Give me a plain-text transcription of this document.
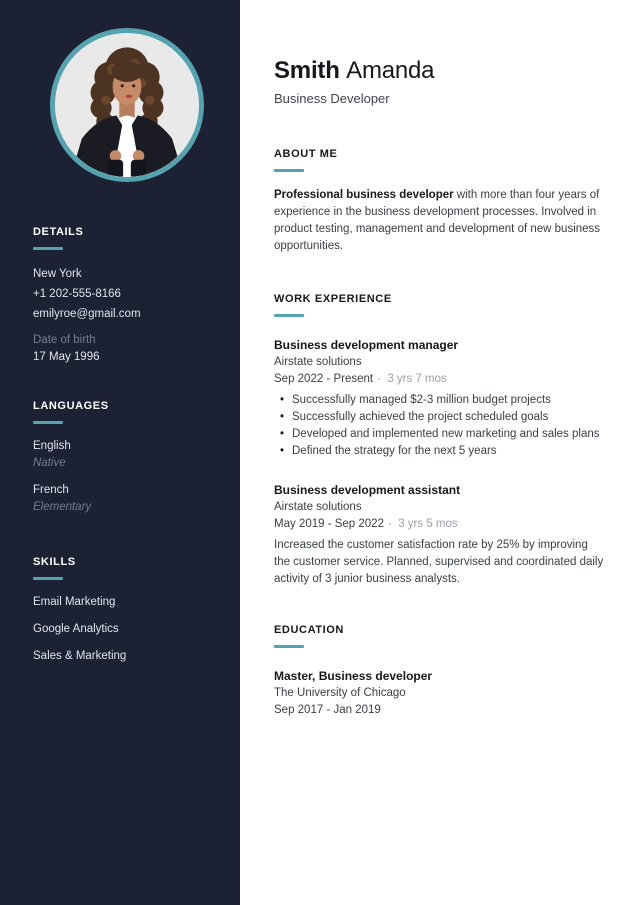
DETAILS
New York
+1 202-555-8166
emilyroe@gmail.com
Date of birth
17 May 1996
LANGUAGES
English
Native
French
Elementary
SKILLS
Email Marketing
Google Analytics
Sales & Marketing
Smith Amanda
Business Developer
ABOUT ME

Professional business developer with more than four years of experience in the business development processes. Involved in product testing, management and development of new business opportunities.

WORK EXPERIENCE
Business development manager
Airstate solutions
Sep 2022 - Present ·  3 yrs 7 mos
• Successfully managed $2-3 million budget projects
• Successfully achieved the project scheduled goals
• Developed and implemented new marketing and sales plans
• Defined the strategy for the next 5 years
Business development assistant
Airstate solutions
May 2019 - Sep 2022 ·  3 yrs 5 mos

Increased the customer satisfaction rate by 25% by improving the customer service. Planned, supervised and coordinated daily activity of 3 junior business analysts.

EDUCATION
Master, Business developer
The University of Chicago
Sep 2017 - Jan 2019
